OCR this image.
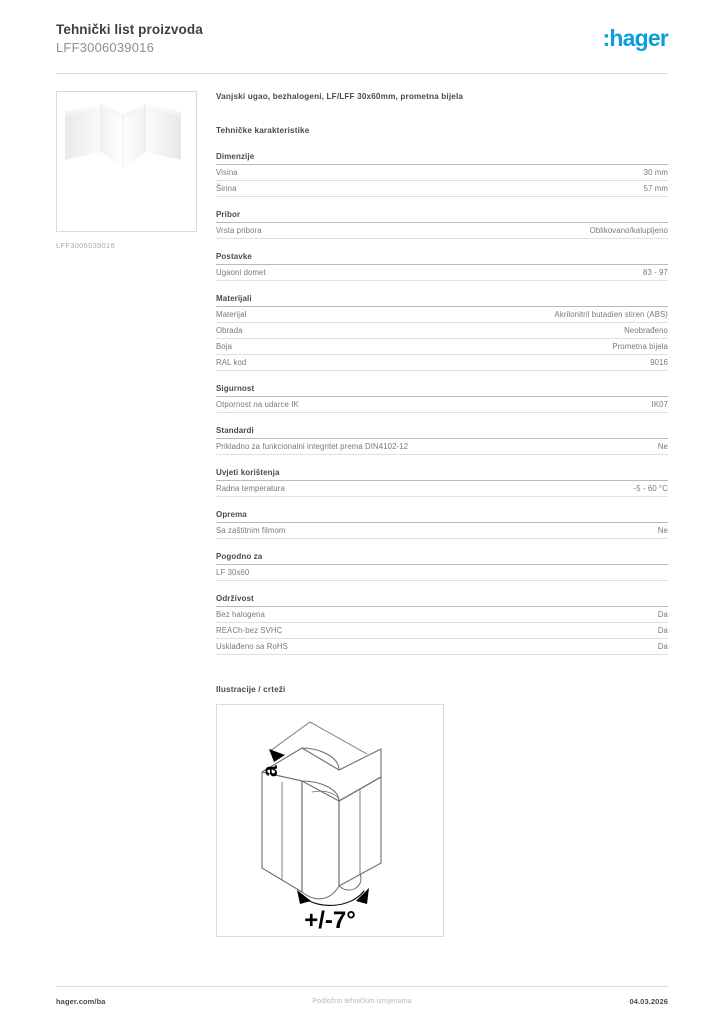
Tehnički list proizvoda
LFF3006039016	:hager
LFF3006039016
Vanjski ugao, bezhalogeni, LF/LFF 30x60mm, prometna bijela
Tehničke karakteristike
Dimenzije
Visina	30 mm
Širina	57 mm
Pribor
Vrsta pribora	Oblikovano/kalupljeno
Postavke
Ugaoni domet	83 - 97
Materijali
Materijal	Akrilonitril butadien stiren (ABS)
Obrada	Neobrađeno
Boja	Prometna bijela
RAL kod	9016
Sigurnost
Otpornost na udarce IK	IK07
Standardi
Prikladno za funkcionalni integritet prema DIN4102-12	Ne
Uvjeti korištenja
Radna temperatura	-5 - 60 °C
Oprema
Sa zaštitnim filmom	Ne
Pogodno za
LF 30x60
Održivost
Bez halogena	Da
REACh-bez SVHC	Da
Usklađeno sa RoHS	Da
Ilustracije / crteži
a
+/-7°
hager.com/ba	Podložno tehničkim izmjenama	04.03.2026
